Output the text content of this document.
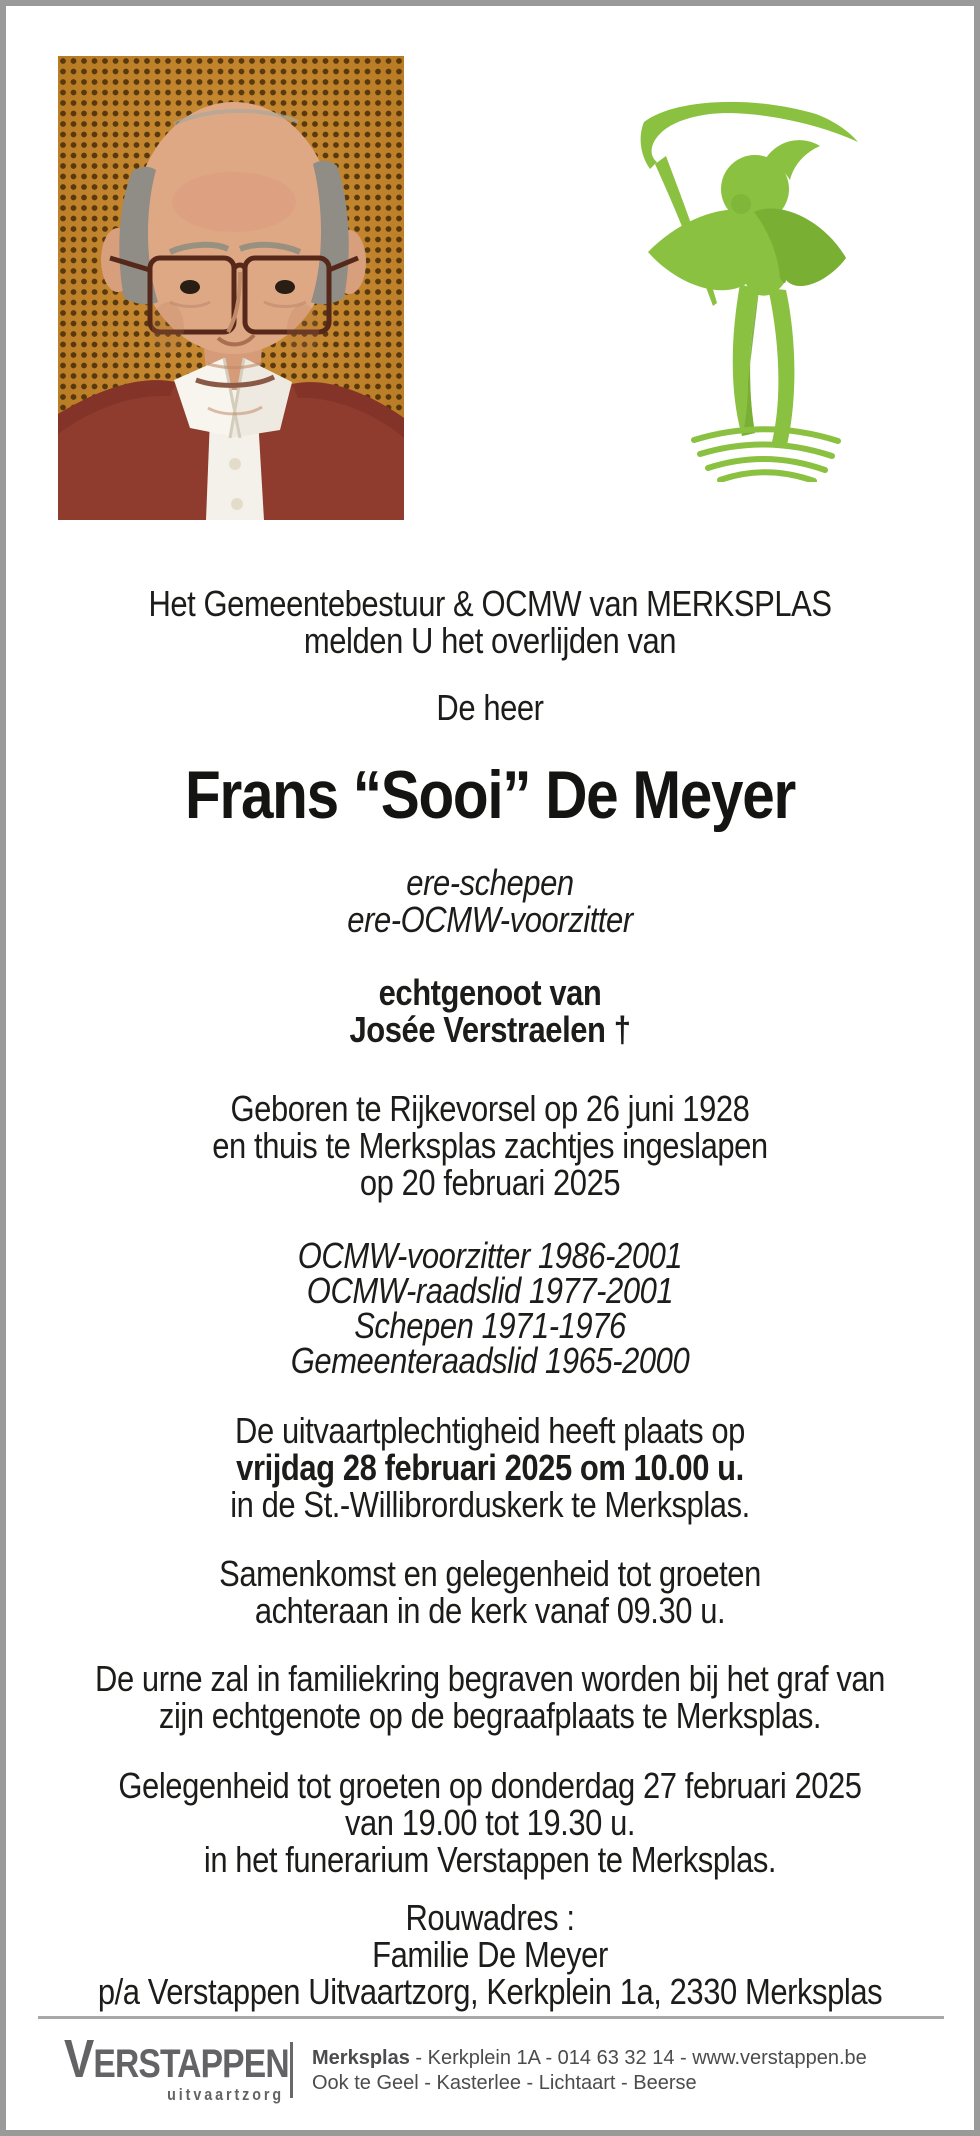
Het Gemeentebestuur & OCMW van MERKSPLAS
melden U het overlijden van
De heer
Frans “Sooi” De Meyer
ere-schepen
ere-OCMW-voorzitter
echtgenoot van
Josée Verstraelen †
Geboren te Rijkevorsel op 26 juni 1928
en thuis te Merksplas zachtjes ingeslapen
op 20 februari 2025
OCMW-voorzitter 1986-2001
OCMW-raadslid 1977-2001
Schepen 1971-1976
Gemeenteraadslid 1965-2000
De uitvaartplechtigheid heeft plaats op
vrijdag 28 februari 2025 om 10.00 u.
in de St.-Willibrorduskerk te Merksplas.
Samenkomst en gelegenheid tot groeten
achteraan in de kerk vanaf 09.30 u.
De urne zal in familiekring begraven worden bij het graf van
zijn echtgenote op de begraafplaats te Merksplas.
Gelegenheid tot groeten op donderdag 27 februari 2025
van 19.00 tot 19.30 u.
in het funerarium Verstappen te Merksplas.
Rouwadres :
Familie De Meyer
p/a Verstappen Uitvaartzorg, Kerkplein 1a, 2330 Merksplas
VERSTAPPEN
uitvaartzorg
Merksplas - Kerkplein 1A - 014 63 32 14 - www.verstappen.be
Ook te Geel - Kasterlee - Lichtaart - Beerse
